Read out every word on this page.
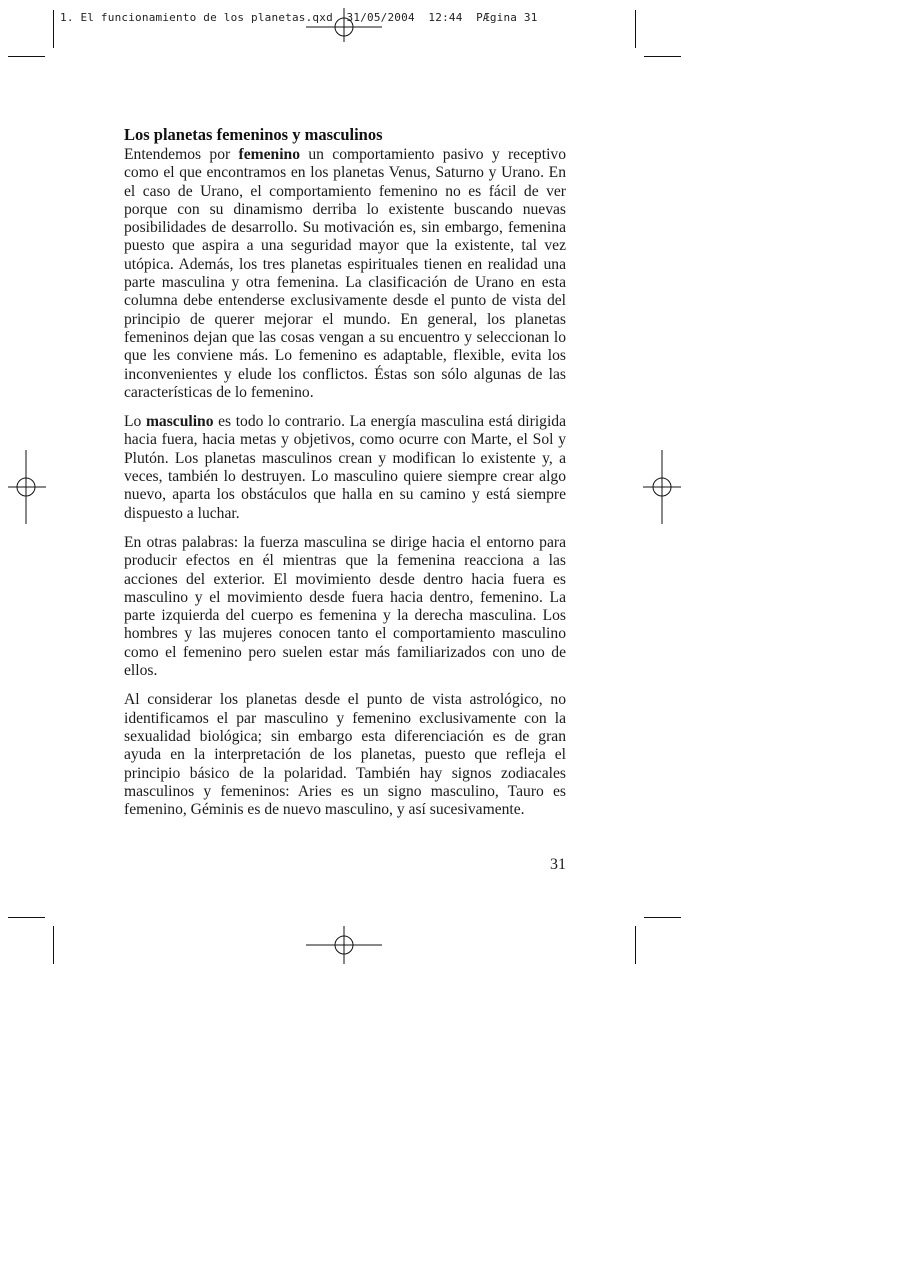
1. El funcionamiento de los planetas.qxd  31/05/2004  12:44  PÆgina 31
Los planetas femeninos y masculinos

Entendemos por femenino un comportamiento pasivo y receptivo como el que encontramos en los planetas Venus, Saturno y Urano. En el caso de Urano, el comportamiento femenino no es fácil de ver porque con su dinamismo derriba lo existente buscando nuevas posibilidades de desarrollo. Su motivación es, sin embargo, femenina puesto que aspira a una seguridad mayor que la existente, tal vez utópica. Además, los tres planetas espirituales tienen en realidad una parte masculina y otra femenina. La clasificación de Urano en esta columna debe entenderse exclusivamente desde el punto de vista del principio de querer mejorar el mundo. En general, los planetas femeninos dejan que las cosas vengan a su encuentro y seleccionan lo que les conviene más. Lo femenino es adaptable, flexible, evita los inconvenientes y elude los conflictos. Éstas son sólo algunas de las características de lo femenino.

Lo masculino es todo lo contrario. La energía masculina está dirigida hacia fuera, hacia metas y objetivos, como ocurre con Marte, el Sol y Plutón. Los planetas masculinos crean y modifican lo existente y, a veces, también lo destruyen. Lo masculino quiere siempre crear algo nuevo, aparta los obstáculos que halla en su camino y está siempre dispuesto a luchar.

En otras palabras: la fuerza masculina se dirige hacia el entorno para producir efectos en él mientras que la femenina reacciona a las acciones del exterior. El movimiento desde dentro hacia fuera es masculino y el movimiento desde fuera hacia dentro, femenino. La parte izquierda del cuerpo es femenina y la derecha masculina. Los hombres y las mujeres conocen tanto el comportamiento masculino como el femenino pero suelen estar más familiarizados con uno de ellos.

Al considerar los planetas desde el punto de vista astrológico, no identificamos el par masculino y femenino exclusivamente con la sexualidad biológica; sin embargo esta diferenciación es de gran ayuda en la interpretación de los planetas, puesto que refleja el principio básico de la polaridad. También hay signos zodiacales masculinos y femeninos: Aries es un signo masculino, Tauro es femenino, Géminis es de nuevo masculino, y así sucesivamente.

31
